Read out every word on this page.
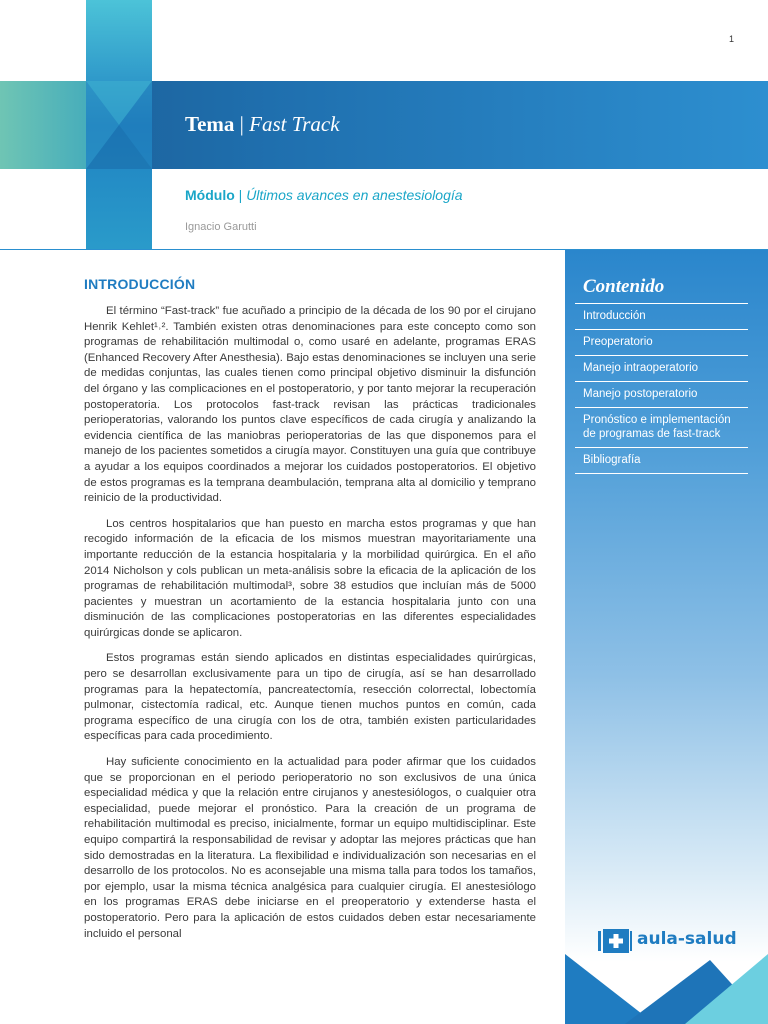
1
Tema | Fast Track
Módulo | Últimos avances en anestesiología
Ignacio Garutti
INTRODUCCIÓN

El término “Fast-track” fue acuñado a principio de la década de los 90 por el cirujano Henrik Kehlet¹˒². También existen otras denominaciones para este concepto como son programas de rehabilitación multimodal o, como usaré en adelante, programas ERAS (Enhanced Recovery After Anesthesia). Bajo estas denominaciones se incluyen una serie de medidas conjuntas, las cuales tienen como principal objetivo disminuir la disfunción del órgano y las complicaciones en el postoperatorio, y por tanto mejorar la recuperación postoperatoria. Los protocolos fast-track revisan las prácticas tradicionales perioperatorias, valorando los puntos clave específicos de cada cirugía y analizando la evidencia científica de las maniobras perioperatorias de las que disponemos para el manejo de los pacientes sometidos a cirugía mayor. Constituyen una guía que contribuye a ayudar a los equipos coordinados a mejorar los cuidados postoperatorios. El objetivo de estos programas es la temprana deambulación, temprana alta al domicilio y temprano reinicio de la productividad.

Los centros hospitalarios que han puesto en marcha estos programas y que han recogido información de la eficacia de los mismos muestran mayoritariamente una importante reducción de la estancia hospitalaria y la morbilidad quirúrgica. En el año 2014 Nicholson y cols publican un meta-análisis sobre la eficacia de la aplicación de los programas de rehabilitación multimodal³, sobre 38 estudios que incluían más de 5000 pacientes y muestran un acortamiento de la estancia hospitalaria junto con una disminución de las complicaciones postoperatorias en las diferentes especialidades quirúrgicas donde se aplicaron.

Estos programas están siendo aplicados en distintas especialidades quirúrgicas, pero se desarrollan exclusivamente para un tipo de cirugía, así se han desarrollado programas para la hepatectomía, pancreatectomía, resección colorrectal, lobectomía pulmonar, cistectomía radical, etc. Aunque tienen muchos puntos en común, cada programa específico de una cirugía con los de otra, también existen particularidades específicas para cada procedimiento.

Hay suficiente conocimiento en la actualidad para poder afirmar que los cuidados que se proporcionan en el periodo perioperatorio no son exclusivos de una única especialidad médica y que la relación entre cirujanos y anestesiólogos, o cualquier otra especialidad, puede mejorar el pronóstico. Para la creación de un programa de rehabilitación multimodal es preciso, inicialmente, formar un equipo multidisciplinar. Este equipo compartirá la responsabilidad de revisar y adoptar las mejores prácticas que han sido demostradas en la literatura. La flexibilidad e individualización son necesarias en el desarrollo de los protocolos. No es aconsejable una misma talla para todos los tamaños, por ejemplo, usar la misma técnica analgésica para cualquier cirugía. El anestesiólogo en los programas ERAS debe iniciarse en el preoperatorio y extenderse hasta el postoperatorio. Pero para la aplicación de estos cuidados deben estar necesariamente incluido el personal

Contenido
Introducción
Preoperatorio
Manejo intraoperatorio
Manejo postoperatorio
Pronóstico e implementación de programas de fast-track
Bibliografía
aula-salud
